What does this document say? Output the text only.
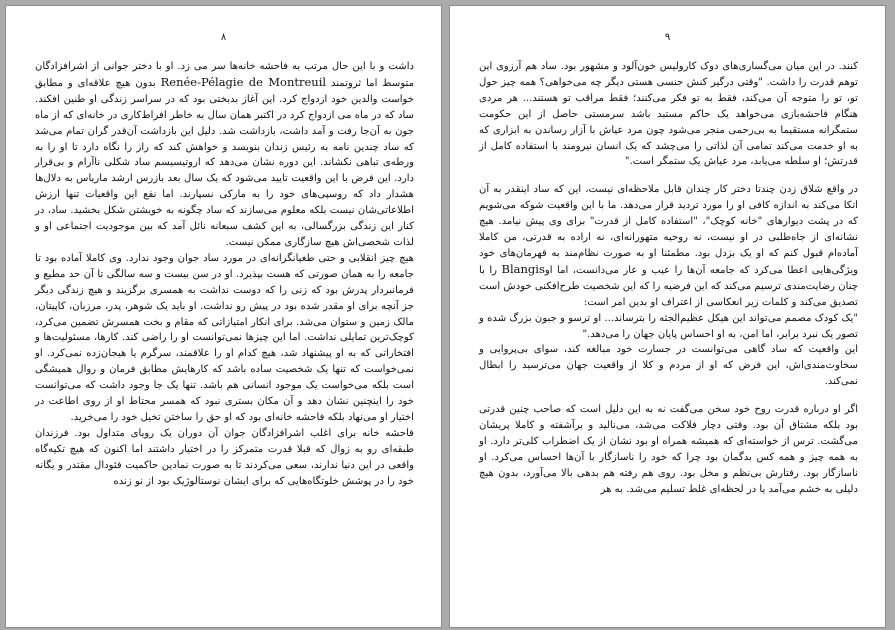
۸

داشت و با این حال مرتب به فاحشه خانه‌ها سر می زد. او با دختر جوانی از اشرافزادگان متوسط اما ثروتمند Renée-Pélagie de Montreuil بدون هیچ علاقه‌ای و مطابق خواست والدین خود ازدواج کرد. این آغاز بدبختی بود که در سراسر زندگی او طنین افکند. ساد که در ماه می ازدواج کرد در اکتبر همان سال به خاطر افراط‌کاری در خانه‌ای که از ماه جون به آن‌جا رفت و آمد داشت، بازداشت شد. دلیل این بازداشت آن‌قدر گران تمام می‌شد که ساد چندین نامه به رئیس زندان بنویسد و خواهش کند که راز را نگاه دارد تا او را به ورطه‌ی تباهی نکشاند. این دوره نشان می‌دهد که اروتیسیسم ساد شکلی ناآرام و بی‌قرار دارد. این فرض با این واقعیت تایید می‌شود که یک سال بعد بازرس ارشد ماریاس به دلال‌ها هشدار داد که روسپی‌های خود را به مارکی نسپارند. اما نفع این واقعیات تنها ارزش اطلاعاتی‌شان نیست بلکه معلوم می‌سازند که ساد چگونه به خویشتن شکل بخشید. ساد، در کنار این زندگی بزرگسالی، به این کشف سبعانه نائل آمد که بین موجودیت اجتماعی او و لذات شخصی‌اش هیچ سازگاری ممکن نیست.

هیچ چیز انقلابی و حتی طغیانگرانه‌ای در مورد ساد جوان وجود ندارد. وی کاملا آماده بود تا جامعه را به همان صورتی که هست بپذیرد. او در سن بیست و سه سالگی تا آن حد مطیع و فرمانبردار پدرش بود که زنی را که دوست نداشت به همسری برگزیند و هیچ زندگی دیگر جز آنچه برای او مقدر شده بود در پیش رو نداشت. او باید یک شوهر، پدر، مرزبان، کاپیتان، مالک زمین و ستوان می‌شد. برای انکار امتیازاتی که مقام و بخت همسرش تضمین می‌کرد، کوچک‌ترین تمایلی نداشت. اما این چیزها نمی‌توانست او را راضی کند. کارها، مسئولیت‌ها و افتخاراتی که به او پیشنهاد شد، هیچ کدام او را علاقمند، سرگرم یا هیجان‌زده نمی‌کرد. او نمی‌خواست که تنها یک شخصیت ساده باشد که کارهایش مطابق فرمان و روال همیشگی است بلکه می‌خواست یک موجود انسانی هم باشد. تنها یک جا وجود داشت که می‌توانست خود را اینچنین نشان دهد و آن مکان بستری نبود که همسر محتاط او از روی اطاعت در اختیار او می‌نهاد بلکه فاحشه خانه‌ای بود که او حق را ساختن تخیل خود را می‌خرید.

فاحشه خانه برای اغلب اشرافزادگان جوان آن دوران یک رویای متداول بود. فرزندان طبقه‌ای رو به زوال که قبلا قدرت متمرکز را در اختیار داشتند اما اکنون که هیچ تکیه‌گاه واقعی در این دنیا ندارند، سعی می‌کردند تا به صورت نمادین حاکمیت فئودال مقتدر و یگانه خود را در پوشش خلوتگاه‌هایی که برای ایشان نوستالوژیک بود از نو زنده

۹

کنند. در این میان می‌گساری‌های دوک کارولیس خون‌آلود و مشهور بود. ساد هم آرزوی این توهم قدرت را داشت. "وقتی درگیر کنش جنسی هستی دیگر چه می‌خواهی؟ همه چیز حول تو، تو را متوجه آن می‌کند، فقط به تو فکر می‌کنند؛ فقط مراقب تو هستند... هر مردی هنگام فاحشه‌بازی می‌خواهد یک حاکم مستبد باشد سرمستی حاصل از این حکومت ستمگرانه مستقیما به بی‌رحمی منجر می‌شود چون مرد عیاش با آزار رساندن به ابزاری که به او خدمت می‌کند تمامی آن لذاتی را می‌چشد که یک انسان نیرومند با استفاده کامل از قدرتش؛ او سلطه می‌یابد، مرد عیاش یک ستمگر است."

در واقع شلاق زدن چندتا دختر کار چندان قابل ملاحظه‌ای نیست، این که ساد اینقدر به آن اتکا می‌کند به اندازه کافی او را مورد تردید قرار می‌دهد. ما با این واقعیت شوکه می‌شویم که در پشت دیوارهای "خانه کوچک"، "استفاده کامل از قدرت" برای وی پیش نیامد. هیچ نشانه‌ای از جاه‌طلبی در او نیست، نه روحیه متهورانه‌ای، نه اراده به قدرتی، من کاملا آماده‌ام قبول کنم که او یک بزدل بود. مطمئنا او به صورت نظام‌مند به قهرمان‌های خود ویژگی‌هایی اعطا می‌کرد که جامعه آن‌ها را عیب و عار می‌دانست، اما اوBlangis را با چنان رضایت‌مندی ترسیم می‌کند که این فرضیه را که این شخصیت طرح‌افکنی خودش است تصدیق می‌کند و کلمات زیر انعکاسی از اعتراف او بدین امر است:

"یک کودک مصمم می‌تواند این هیکل عظیم‌الجثه را بترساند... او ترسو و جبون بزرگ شده و تصور یک نبرد برابر، اما امن، به او احساس پایان جهان را می‌دهد."

این واقعیت که ساد گاهی می‌توانست در جسارت خود مبالغه کند، سوای بی‌پروایی و سخاوت‌مندی‌اش، این فرض که او از مردم و کلا از واقعیت جهان می‌ترسید را ابطال نمی‌کند.

اگر او درباره قدرت روح خود سخن می‌گفت نه به این دلیل است که صاحب چنین قدرتی بود بلکه مشتاق آن بود. وقتی دچار فلاکت می‌شد، می‌نالید و برآشفته و کاملا پریشان می‌گشت. ترس از خواسته‌ای که همیشه همراه او بود نشان از یک اضطراب کلی‌تر دارد. او به همه چیز و همه کس بدگمان بود چرا که خود را ناسازگار با آن‌ها احساس می‌کرد. او ناسازگار بود. رفتارش بی‌نظم و مخل بود. روی هم رفته هم بدهی بالا می‌آورد، بدون هیچ دلیلی به خشم می‌آمد یا در لحظه‌ای غلط تسلیم می‌شد. به هر
